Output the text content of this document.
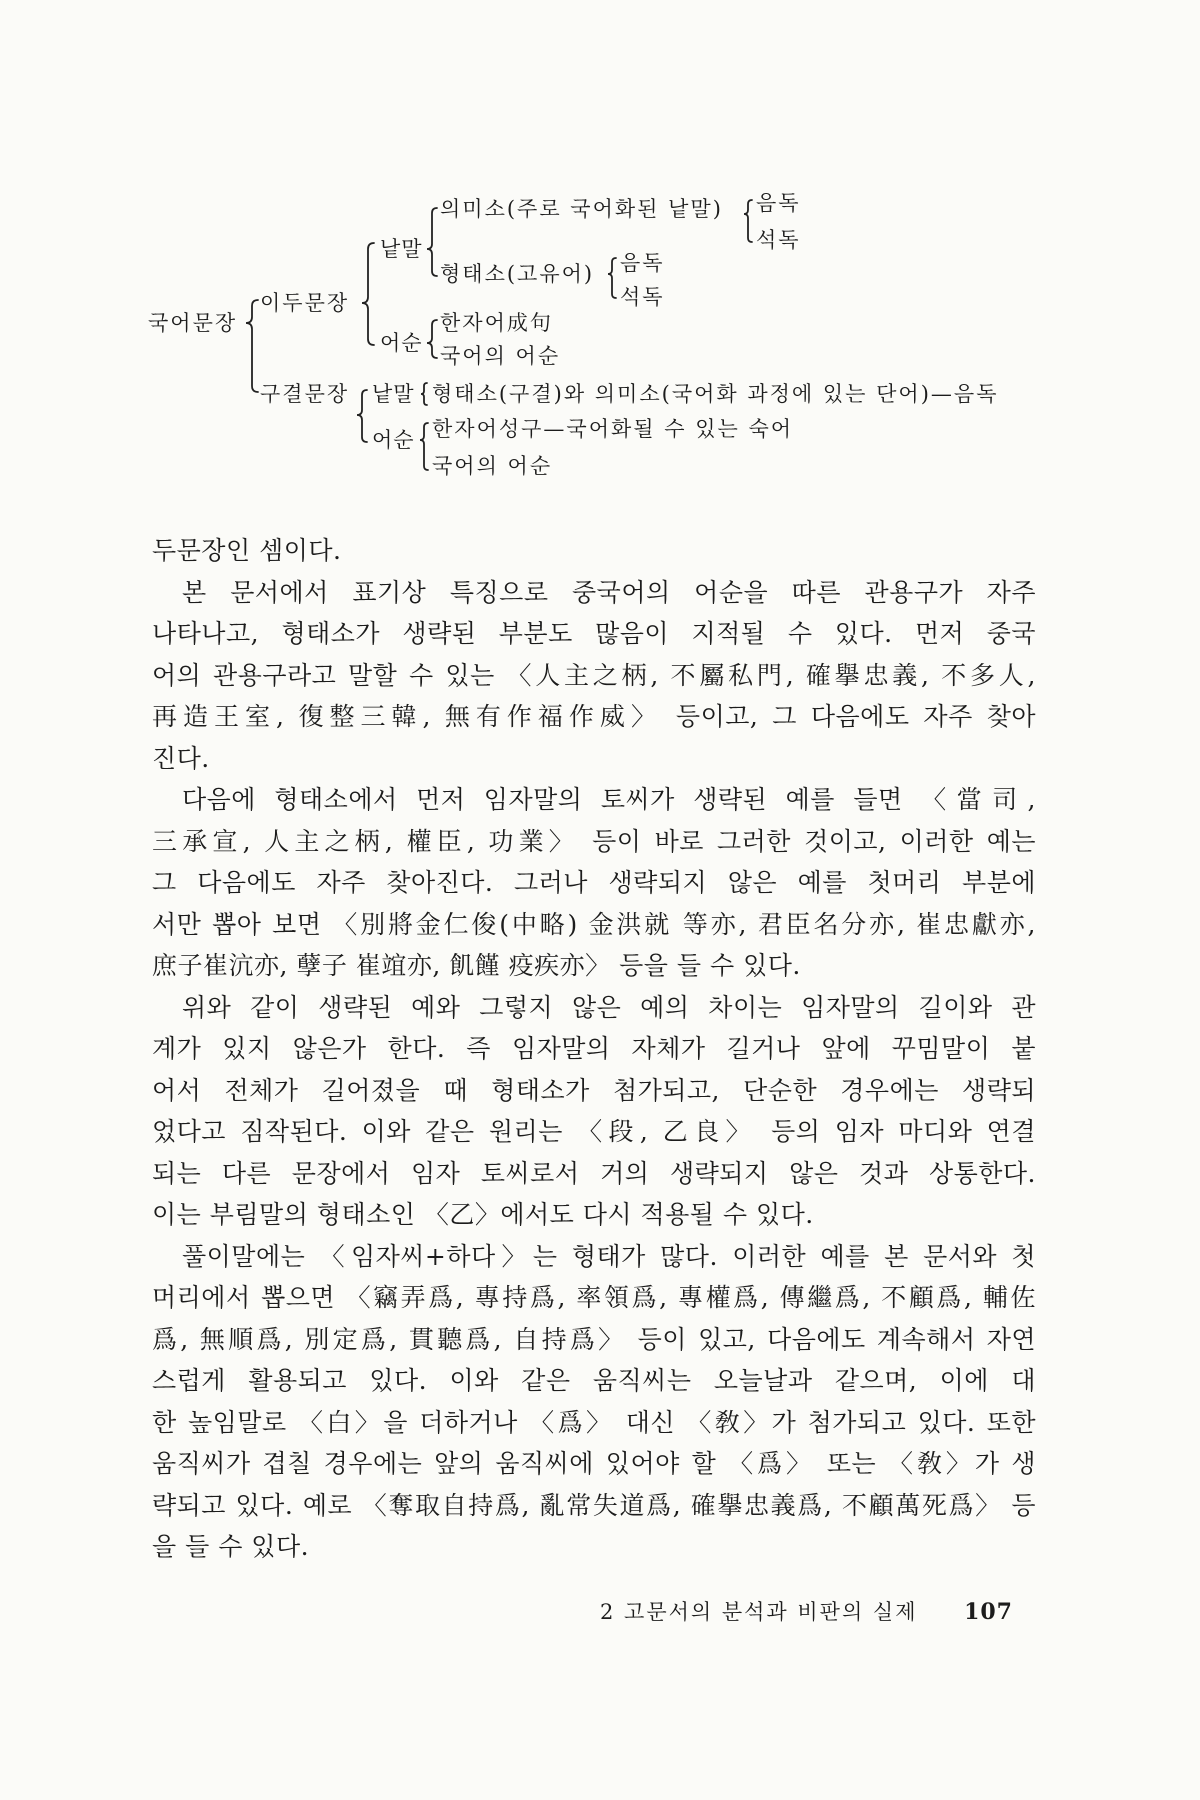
국어문장
이두문장
낱말
의미소(주로 국어화된 낱말) 음독
석독
형태소(고유어) 음독
석독
어순
한자어成句
국어의 어순
구결문장 낱말 형태소(구결)와 의미소(국어화 과정에 있는 단어)—음독
어순 한자어성구—국어화될 수 있는 숙어
국어의 어순
두문장인 셈이다.
본 문서에서 표기상 특징으로 중국어의 어순을 따른 관용구가 자주
나타나고, 형태소가 생략된 부분도 많음이 지적될 수 있다. 먼저 중국
어의 관용구라고 말할 수 있는 〈人主之柄, 不屬私門, 確擧忠義, 不多人,
再造王室, 復整三韓, 無有作福作威〉 등이고, 그 다음에도 자주 찾아
진다.
다음에 형태소에서 먼저 임자말의 토씨가 생략된 예를 들면 〈當司,
三承宣, 人主之柄, 權臣, 功業〉 등이 바로 그러한 것이고, 이러한 예는
그 다음에도 자주 찾아진다. 그러나 생략되지 않은 예를 첫머리 부분에
서만 뽑아 보면 〈別將金仁俊(中略) 金洪就 等亦, 君臣名分亦, 崔忠獻亦,
庶子崔沆亦, 孽子 崔竩亦, 飢饉 疫疾亦〉 등을 들 수 있다.
위와 같이 생략된 예와 그렇지 않은 예의 차이는 임자말의 길이와 관
계가 있지 않은가 한다. 즉 임자말의 자체가 길거나 앞에 꾸밈말이 붙
어서 전체가 길어졌을 때 형태소가 첨가되고, 단순한 경우에는 생략되
었다고 짐작된다. 이와 같은 원리는 〈段, 乙良〉 등의 임자 마디와 연결
되는 다른 문장에서 임자 토씨로서 거의 생략되지 않은 것과 상통한다.
이는 부림말의 형태소인 〈乙〉에서도 다시 적용될 수 있다.
풀이말에는 〈임자씨+하다〉는 형태가 많다. 이러한 예를 본 문서와 첫
머리에서 뽑으면 〈竊弄爲, 專持爲, 率領爲, 專權爲, 傳繼爲, 不顧爲, 輔佐
爲, 無順爲, 別定爲, 貫聽爲, 自持爲〉 등이 있고, 다음에도 계속해서 자연
스럽게 활용되고 있다. 이와 같은 움직씨는 오늘날과 같으며, 이에 대
한 높임말로 〈白〉을 더하거나 〈爲〉 대신 〈敎〉가 첨가되고 있다. 또한
움직씨가 겹칠 경우에는 앞의 움직씨에 있어야 할 〈爲〉 또는 〈敎〉가 생
략되고 있다. 예로 〈奪取自持爲, 亂常失道爲, 確擧忠義爲, 不顧萬死爲〉 등
을 들 수 있다.
2 고문서의 분석과 비판의 실제 107
